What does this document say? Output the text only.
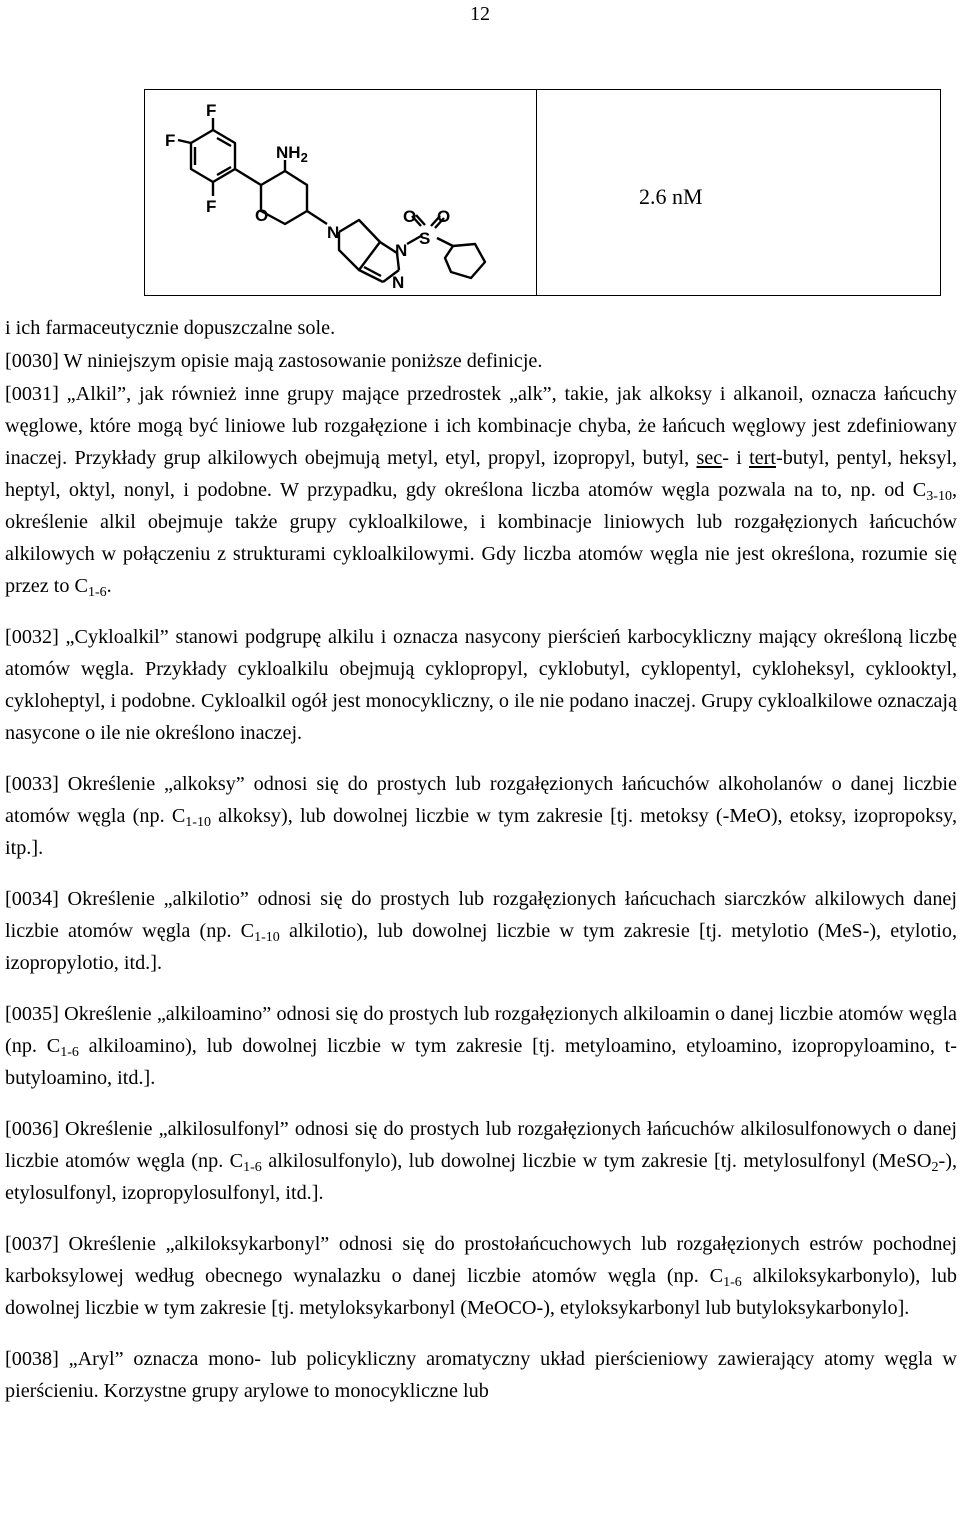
12
F
F
F
$NH_2$
O
N
N
N
O O
S
2.6 nM

i ich farmaceutycznie dopuszczalne sole.

[0030] W niniejszym opisie mają zastosowanie poniższe definicje.

[0031] „Alkil”, jak również inne grupy mające przedrostek „alk”, takie, jak alkoksy i alkanoil, oznacza łańcuchy węglowe, które mogą być liniowe lub rozgałęzione i ich kombinacje chyba, że łańcuch węglowy jest zdefiniowany inaczej. Przykłady grup alkilowych obejmują metyl, etyl, propyl, izopropyl, butyl, sec- i tert-butyl, pentyl, heksyl, heptyl, oktyl, nonyl, i podobne. W przypadku, gdy określona liczba atomów węgla pozwala na to, np. od $C_{3-10}$, określenie alkil obejmuje także grupy cykloalkilowe, i kombinacje liniowych lub rozgałęzionych łańcuchów alkilowych w połączeniu z strukturami cykloalkilowymi. Gdy liczba atomów węgla nie jest określona, rozumie się przez to $C_{1-6}$.

[0032] „Cykloalkil” stanowi podgrupę alkilu i oznacza nasycony pierścień karbocykliczny mający określoną liczbę atomów węgla. Przykłady cykloalkilu obejmują cyklopropyl, cyklobutyl, cyklopentyl, cykloheksyl, cyklooktyl, cykloheptyl, i podobne. Cykloalkil ogół jest monocykliczny, o ile nie podano inaczej. Grupy cykloalkilowe oznaczają nasycone o ile nie określono inaczej.

[0033] Określenie „alkoksy” odnosi się do prostych lub rozgałęzionych łańcuchów alkoholanów o danej liczbie atomów węgla (np. $C_{1-10}$ alkoksy), lub dowolnej liczbie w tym zakresie [tj. metoksy (-MeO), etoksy, izopropoksy, itp.].

[0034] Określenie „alkilotio” odnosi się do prostych lub rozgałęzionych łańcuchach siarczków alkilowych danej liczbie atomów węgla (np. $C_{1-10}$ alkilotio), lub dowolnej liczbie w tym zakresie [tj. metylotio (MeS-), etylotio, izopropylotio, itd.].

[0035] Określenie „alkiloamino” odnosi się do prostych lub rozgałęzionych alkiloamin o danej liczbie atomów węgla (np. $C_{1-6}$ alkiloamino), lub dowolnej liczbie w tym zakresie [tj. metyloamino, etyloamino, izopropyloamino, t-butyloamino, itd.].

[0036] Określenie „alkilosulfonyl” odnosi się do prostych lub rozgałęzionych łańcuchów alkilosulfonowych o danej liczbie atomów węgla (np. $C_{1-6}$ alkilosulfonylo), lub dowolnej liczbie w tym zakresie [tj. metylosulfonyl (MeSO$_2$-), etylosulfonyl, izopropylosulfonyl, itd.].

[0037] Określenie „alkiloksykarbonyl” odnosi się do prostołańcuchowych lub rozgałęzionych estrów pochodnej karboksylowej według obecnego wynalazku o danej liczbie atomów węgla (np. $C_{1-6}$ alkiloksykarbonylo), lub dowolnej liczbie w tym zakresie [tj. metyloksykarbonyl (MeOCO-), etyloksykarbonyl lub butyloksykarbonylo].

[0038] „Aryl” oznacza mono- lub policykliczny aromatyczny układ pierścieniowy zawierający atomy węgla w pierścieniu. Korzystne grupy arylowe to monocykliczne lub
